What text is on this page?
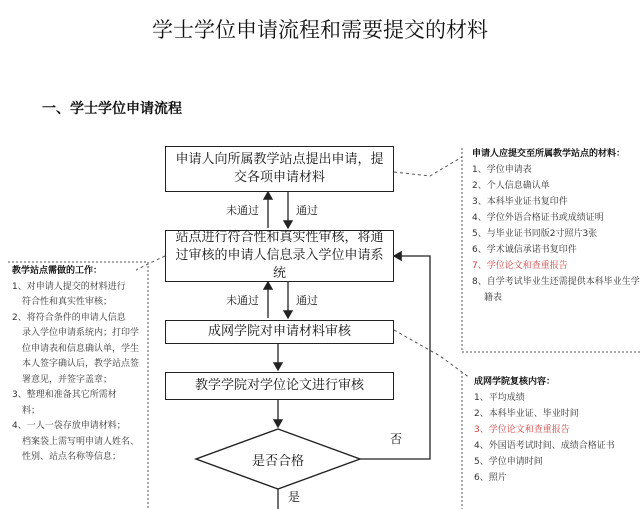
学士学位申请流程和需要提交的材料
一、学士学位申请流程
申请人向所属教学站点提出申请，提交各项申请材料
站点进行符合性和真实性审核，将通过审核的申请人信息录入学位申请系统
成网学院对申请材料审核
教学学院对学位论文进行审核
是否合格
未通过	通过
未通过	通过
否
是
申请人应提交至所属教学站点的材料：
1、学位申请表
2、个人信息确认单
3、本科毕业证书复印件
4、学位外语合格证书或成绩证明
5、与毕业证书同版2寸照片3张
6、学术诚信承诺书复印件
7、学位论文和查重报告
8、自学考试毕业生还需提供本科毕业生学
籍表
教学站点需做的工作：
1、对申请人提交的材料进行
符合性和真实性审核；
2、将符合条件的申请人信息
录入学位申请系统内；打印学
位申请表和信息确认单，学生
本人签字确认后，教学站点签
署意见，并签字盖章；
3、整理和准备其它所需材
料；
4、一人一袋存放申请材料；
档案袋上需写明申请人姓名、
性别、站点名称等信息；
成网学院复核内容：
1、平均成绩
2、本科毕业证、毕业时间
3、学位论文和查重报告
4、外国语考试时间、成绩合格证书
5、学位申请时间
6、照片
